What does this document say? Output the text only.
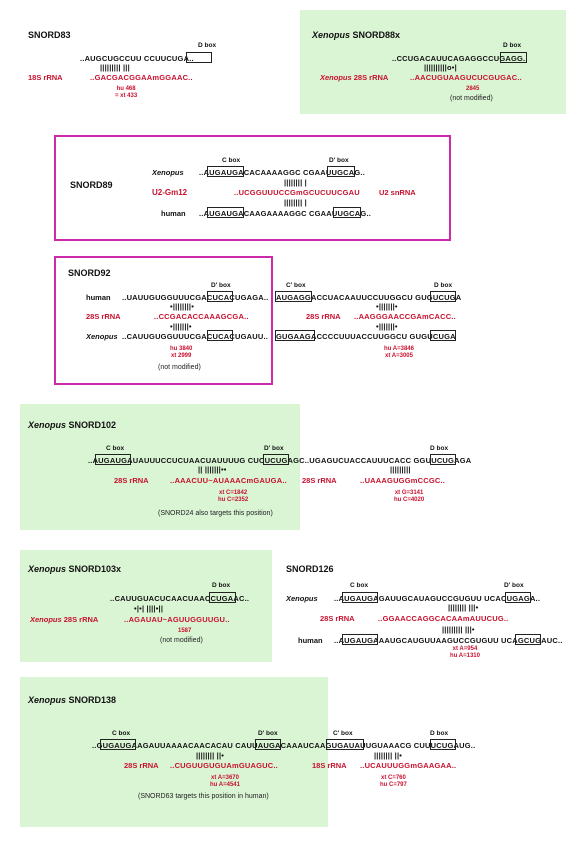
SNORD83
D box
..AUGCUGCCUU CCUUCUGA..
||||||||| |||
18S rRNA	..GACGACGGAAmGGAAC..
hu 468
= xt 433
Xenopus SNORD88x
D box
..CCUGACAUUCAGAGGCCUGAGG..
||||||||||o•|
Xenopus 28S rRNA	..AACUGUAAGUCUCGUGAC..
2845
(not modified)
SNORD89
C box	D' box
Xenopus ..AUGAUGACACAAAAGGC CGAAUUGCAG..
|||||||| |
U2-Gm12	..UCGGUUUCCGmGCUCUUCGAU	U2 snRNA
|||||||| |
human ..AUGAUGACAAGAAAAGGC CGAAUUGCAG..
SNORD92
D' box	C' box	D box
human ..UAUUGUGGUUUCGACUCACUGAGA.. AUGAGGACCUACAAUUCCUUGGCU GUGUCUGA
•||||||||•	•|||||||•
28S rRNA	..CCGACACCAAAGCGA..	28S rRNA ..AAGGGAACCGAmCACC..
•|||||||•	•|||||||•
Xenopus ..CAUUGUGGUUUCGACUCACUGAUU.. GUGAAGACCCCUUUACCUUGGCU GUGUCUGA
hu 3840
xt 2999
(not modified)
hu A=3846
xt A=3005
Xenopus SNORD102
C box	D' box	D box
..AUGAUGAUAUUUCCUCUAACUAUUUUG CUCUCUGAGC..UGAGUCUACCAUUUCACC GGUUCUGAGA
|| |||||||••	|||||||||
28S rRNA	..AAACUU~AUAAACmGAUGA.. 28S rRNA	..UAAAGUGGmCCGC..
xt C=1842
hu C=2352
xt G=3141
hu C=4020
(SNORD24 also targets this position)
Xenopus SNORD103x
D box
..CAUUGUACUCAACUAACCUGAAC..
•|•| ||||•||
Xenopus 28S rRNA	..AGAUAU~AGUUGGUUGU..
1587
(not modified)
SNORD126
C box	D' box
Xenopus ..AUGAUGAGAUUGCAUAGUCCGUGUU UCACUGAGA..
|||||||| |||•
28S rRNA	..GGAACCAGGCACAAmAUUCUG..
||||||||| |||•
human ..AUGAUGAAAUGCAUGUUAAGUCCGUGUU UCAGCUGAUC..
xt A=954
hu A=1310
Xenopus SNORD138
C box	D' box	C' box	D box
..GUGAUGAAGAUUAAAACAACACAU CAUUAUGACAAAUCAAGUGAUAUUGUAAACG CUUUCUGAUG..
|||||||| ||•	|||||||| ||•
28S rRNA ..CUGUUGUGUAmGUAGUC..	18S rRNA ..UCAUUUGGmGAAGAA..
xt A=3670
hu A=4541
xt C=760
hu C=797
(SNORD63 targets this position in human)
